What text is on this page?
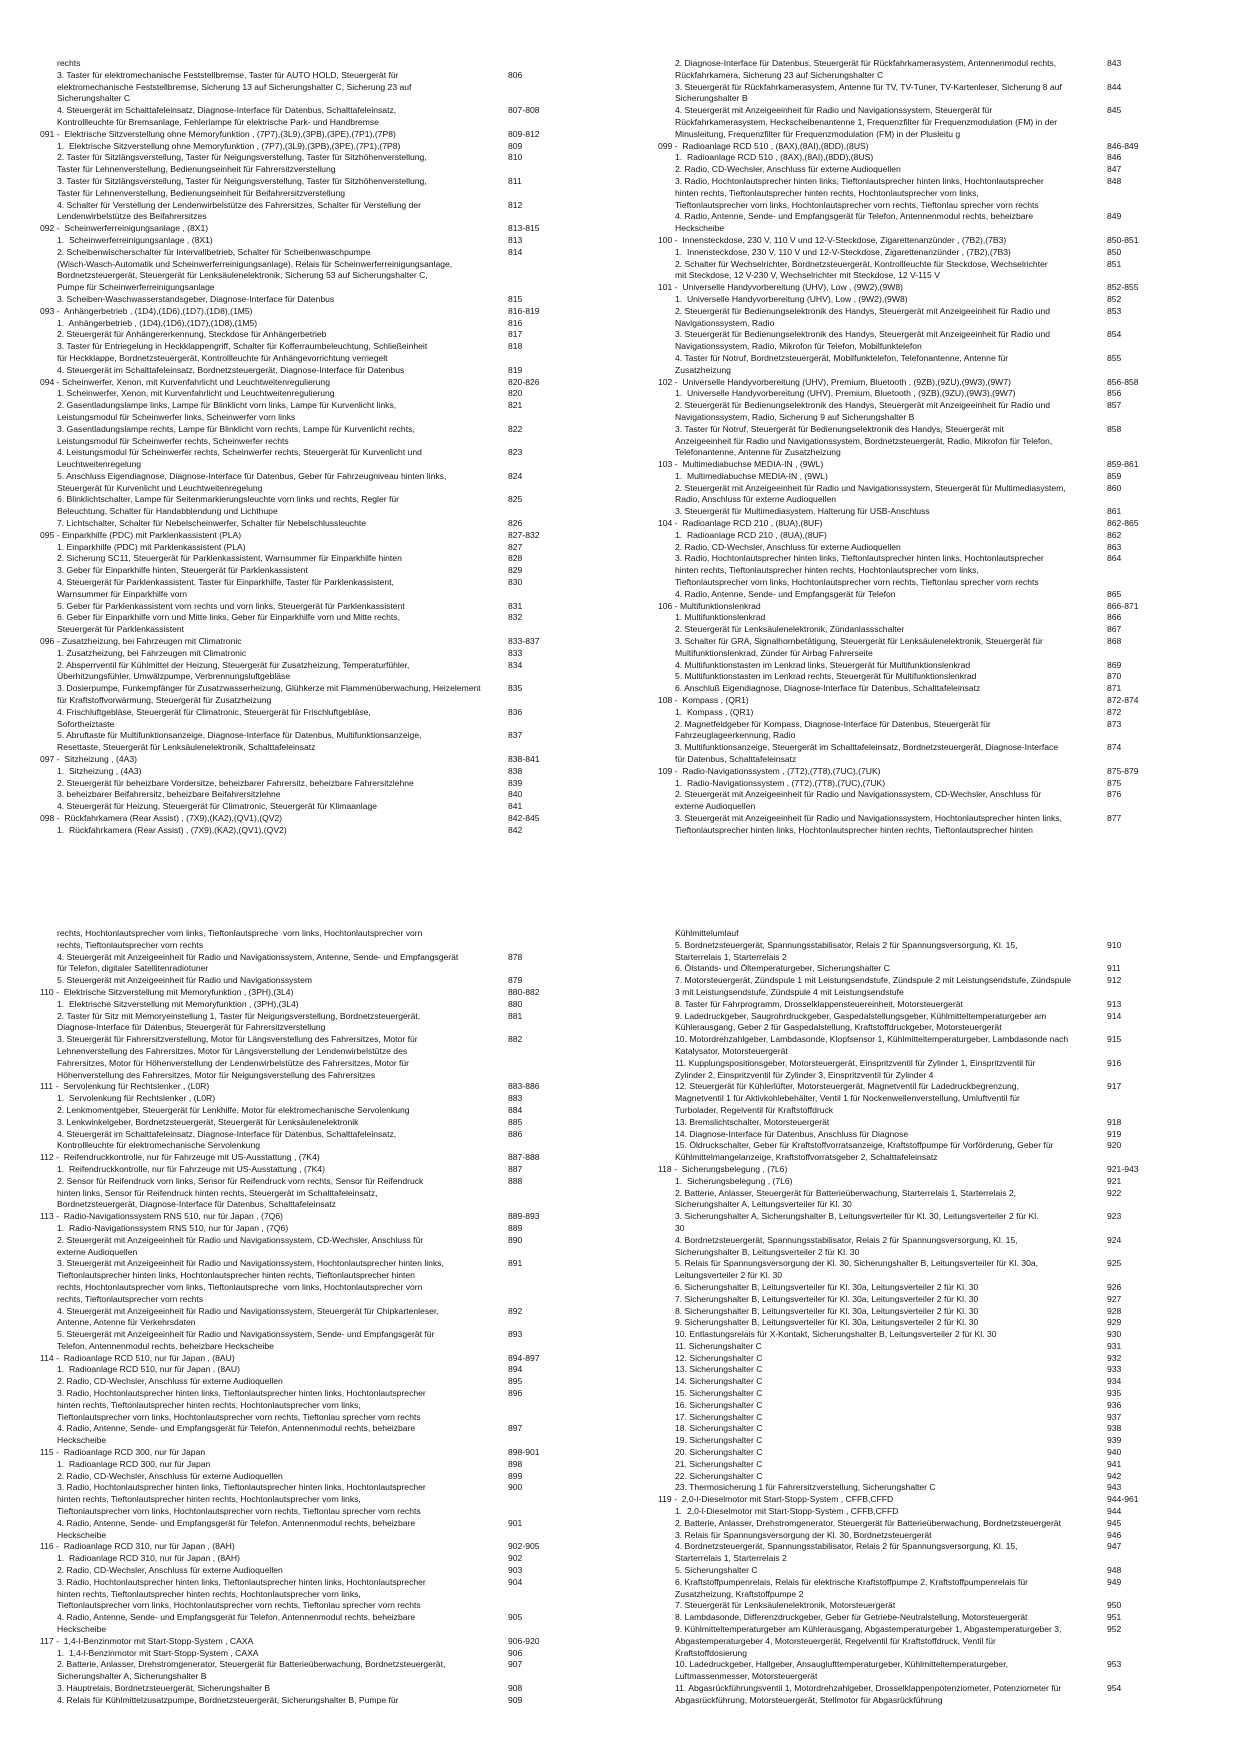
rechts
3. Taster für elektromechanische Feststellbremse, Taster für AUTO HOLD, Steuergerät für	806
elektromechanische Feststellbremse, Sicherung 13 auf Sicherungshalter C, Sicherung 23 auf
Sicherungshalter C
4. Steuergerät im Schalttafeleinsatz, Diagnose-Interface für Datenbus, Schalttafeleinsatz,	807-808
Kontrollleuchte für Bremsanlage, Fehlerlampe für elektrische Park- und Handbremse
091 -  Elektrische Sitzverstellung ohne Memoryfunktion , (7P7),(3L9),(3PB),(3PE),(7P1),(7P8)	809-812
1.  Elektrische Sitzverstellung ohne Memoryfunktion , (7P7),(3L9),(3PB),(3PE),(7P1),(7P8)	809
2. Taster für Sitzlängsverstellung, Taster für Neigungsverstellung, Taster für Sitzhöhenverstellung,	810
Taster für Lehnenverstellung, Bedienungseinheit für Fahrersitzverstellung
3. Taster für Sitzlängsverstellung, Taster für Neigungsverstellung, Taster für Sitzhöhenverstellung,	811
Taster für Lehnenverstellung, Bedienungseinheit für Beifahrersitzverstellung
4. Schalter für Verstellung der Lendenwirbelstütze des Fahrersitzes, Schalter für Verstellung der	812
Lendenwirbelstütze des Beifahrersitzes
092 -  Scheinwerferreinigungsanlage , (8X1)	813-815
1.  Scheinwerferreinigungsanlage , (8X1)	813
2. Scheibenwischerschalter für Intervallbetrieb, Schalter für Scheibenwaschpumpe	814
(Wisch-Wasch-Automatik und Scheinwerferreinigungsanlage), Relais für Scheinwerferreinigungsanlage,
Bordnetzsteuergerät, Steuergerät für Lenksäulenelektronik, Sicherung 53 auf Sicherungshalter C,
Pumpe für Scheinwerferreinigungsanlage
3. Scheiben-Waschwasserstandsgeber, Diagnose-Interface für Datenbus	815
093 -  Anhängerbetrieb , (1D4),(1D6),(1D7),(1D8),(1M5)	816-819
1.  Anhängerbetrieb , (1D4),(1D6),(1D7),(1D8),(1M5)	816
2. Steuergerät für Anhängererkennung, Steckdose für Anhängerbetrieb	817
3. Taster für Entriegelung in Heckklappengriff, Schalter für Kofferraumbeleuchtung, Schließeinheit	818
für Heckklappe, Bordnetzsteuergerät, Kontrollleuchte für Anhängevorrichtung verriegelt
4. Steuergerät im Schalttafeleinsatz, Bordnetzsteuergerät, Diagnose-Interface für Datenbus	819
094 - Scheinwerfer, Xenon, mit Kurvenfahrlicht und Leuchtweitenregulierung	820-826
1. Scheinwerfer, Xenon, mit Kurvenfahrlicht und Leuchtweitenregulierung	820
2. Gasentladungslampe links, Lampe für Blinklicht vorn links, Lampe für Kurvenlicht links,	821
Leistungsmodul für Scheinwerfer links, Scheinwerfer vorn links
3. Gasentladungslampe rechts, Lampe für Blinklicht vorn rechts, Lampe für Kurvenlicht rechts,	822
Leistungsmodul für Scheinwerfer rechts, Scheinwerfer rechts
4. Leistungsmodul für Scheinwerfer rechts, Scheinwerfer rechts, Steuergerät für Kurvenlicht und	823
Leuchtweitenregelung
5. Anschluss Eigendiagnose, Diagnose-Interface für Datenbus, Geber für Fahrzeugniveau hinten links,	824
Steuergerät für Kurvenlicht und Leuchtweitenregelung
6. Blinklichtschalter, Lampe für Seitenmarkierungsleuchte vorn links und rechts, Regler für	825
Beleuchtung, Schalter für Handabblendung und Lichthupe
7. Lichtschalter, Schalter für Nebelscheinwerfer, Schalter für Nebelschlussleuchte	826
095 - Einparkhilfe (PDC) mit Parklenkassistent (PLA)	827-832
1. Einparkhilfe (PDC) mit Parklenkassistent (PLA)	827
2. Sicherung SC11, Steuergerät für Parklenkassistent, Warnsummer für Einparkhilfe hinten	828
3. Geber für Einparkhilfe hinten, Steuergerät für Parklenkassistent	829
4. Steuergerät für Parklenkassistent, Taster für Einparkhilfe, Taster für Parklenkassistent,	830
Warnsummer für Einparkhilfe vorn
5. Geber für Parklenkassistent vorn rechts und vorn links, Steuergerät für Parklenkassistent	831
6. Geber für Einparkhilfe vorn und Mitte links, Geber für Einparkhilfe vorn und Mitte rechts,	832
Steuergerät für Parklenkassistent
096 - Zusatzheizung, bei Fahrzeugen mit Climatronic	833-837
1. Zusatzheizung, bei Fahrzeugen mit Climatronic	833
2. Absperrventil für Kühlmittel der Heizung, Steuergerät für Zusatzheizung, Temperaturfühler,	834
Überhitzungsfühler, Umwälzpumpe, Verbrennungsluftgebläse
3. Dosierpumpe, Funkempfänger für Zusatzwasserheizung, Glühkerze mit Flammenüberwachung, Heizelement	835
für Kraftstoffvorwärmung, Steuergerät für Zusatzheizung
4. Frischluftgebläse, Steuergerät für Climatronic, Steuergerät für Frischluftgebläse,	836
Sofortheiztaste
5. Abruftaste für Multifunktionsanzeige, Diagnose-Interface für Datenbus, Multifunktionsanzeige,	837
Resettaste, Steuergerät für Lenksäulenelektronik, Schalttafeleinsatz
097 -  Sitzheizung , (4A3)	838-841
1.  Sitzheizung , (4A3)	838
2. Steuergerät für beheizbare Vordersitze, beheizbarer Fahrersitz, beheizbare Fahrersitzlehne	839
3. beheizbarer Beifahrersitz, beheizbare Beifahrersitzlehne	840
4. Steuergerät für Heizung, Steuergerät für Climatronic, Steuergerät für Klimaanlage	841
098 -  Rückfahrkamera (Rear Assist) , (7X9),(KA2),(QV1),(QV2)	842-845
1.  Rückfahrkamera (Rear Assist) , (7X9),(KA2),(QV1),(QV2)	842
2. Diagnose-Interface für Datenbus, Steuergerät für Rückfahrkamerasystem, Antennenmodul rechts,	843
Rückfahrkamera, Sicherung 23 auf Sicherungshalter C
3. Steuergerät für Rückfahrkamerasystem, Antenne für TV, TV-Tuner, TV-Kartenleser, Sicherung 8 auf	844
Sicherungshalter B
4. Steuergerät mit Anzeigeeinheit für Radio und Navigationssystem, Steuergerät für	845
Rückfahrkamerasystem, Heckscheibenantenne 1, Frequenzfilter für Frequenzmodulation (FM) in der
Minusleitung, Frequenzfilter für Frequenzmodulation (FM) in der Plusleitu g
099 -  Radioanlage RCD 510 , (8AX),(8AI),(8DD),(8US)	846-849
1.  Radioanlage RCD 510 , (8AX),(8AI),(8DD),(8US)	846
2. Radio, CD-Wechsler, Anschluss für externe Audioquellen	847
3. Radio, Hochtonlautsprecher hinten links, Tieftonlautsprecher hinten links, Hochtonlautsprecher	848
hinten rechts, Tieftonlautsprecher hinten rechts, Hochtonlautsprecher vorn links,
Tieftonlautsprecher vorn links, Hochtonlautsprecher vorn rechts, Tieftonlau sprecher vorn rechts
4. Radio, Antenne, Sende- und Empfangsgerät für Telefon, Antennenmodul rechts, beheizbare	849
Heckscheibe
100 -  Innensteckdose, 230 V, 110 V und 12-V-Steckdose, Zigarettenanzünder , (7B2),(7B3)	850-851
1.  Innensteckdose, 230 V, 110 V und 12-V-Steckdose, Zigarettenanzünder , (7B2),(7B3)	850
2. Schalter für Wechselrichter, Bordnetzsteuergerät, Kontrollleuchte für Steckdose, Wechselrichter	851
mit Steckdose, 12 V-230 V, Wechselrichter mit Steckdose, 12 V-115 V
101 -  Universelle Handyvorbereitung (UHV), Low , (9W2),(9W8)	852-855
1.  Universelle Handyvorbereitung (UHV), Low , (9W2),(9W8)	852
2. Steuergerät für Bedienungselektronik des Handys, Steuergerät mit Anzeigeeinheit für Radio und	853
Navigationssystem, Radio
3. Steuergerät für Bedienungselektronik des Handys, Steuergerät mit Anzeigeeinheit für Radio und	854
Navigationssystem, Radio, Mikrofon für Telefon, Mobilfunktelefon
4. Taster für Notruf, Bordnetzsteuergerät, Mobilfunktelefon, Telefonantenne, Antenne für	855
Zusatzheizung
102 -  Universelle Handyvorbereitung (UHV), Premium, Bluetooth , (9ZB),(9ZU),(9W3),(9W7)	856-858
1.  Universelle Handyvorbereitung (UHV), Premium, Bluetooth , (9ZB),(9ZU),(9W3),(9W7)	856
2. Steuergerät für Bedienungselektronik des Handys, Steuergerät mit Anzeigeeinheit für Radio und	857
Navigationssystem, Radio, Sicherung 9 auf Sicherungshalter B
3. Taster für Notruf, Steuergerät für Bedienungselektronik des Handys, Steuergerät mit	858
Anzeigeeinheit für Radio und Navigationssystem, Bordnetzsteuergerät, Radio, Mikrofon für Telefon,
Telefonantenne, Antenne für Zusatzheizung
103 -  Multimediabuchse MEDIA-IN , (9WL)	859-861
1.  Multimediabuchse MEDIA-IN , (9WL)	859
2. Steuergerät mit Anzeigeeinheit für Radio und Navigationssystem, Steuergerät für Multimediasystem,	860
Radio, Anschluss für externe Audioquellen
3. Steuergerät für Multimediasystem, Halterung für USB-Anschluss	861
104 -  Radioanlage RCD 210 , (8UA),(8UF)	862-865
1.  Radioanlage RCD 210 , (8UA),(8UF)	862
2. Radio, CD-Wechsler, Anschluss für externe Audioquellen	863
3. Radio, Hochtonlautsprecher hinten links, Tieftonlautsprecher hinten links, Hochtonlautsprecher	864
hinten rechts, Tieftonlautsprecher hinten rechts, Hochtonlautsprecher vorn links,
Tieftonlautsprecher vorn links, Hochtonlautsprecher vorn rechts, Tieftonlau sprecher vorn rechts
4. Radio, Antenne, Sende- und Empfangsgerät für Telefon	865
106 - Multifunktionslenkrad	866-871
1. Multifunktionslenkrad	866
2. Steuergerät für Lenksäulenelektronik, Zündanlassschalter	867
3. Schalter für GRA, Signalhornbetätigung, Steuergerät für Lenksäulenelektronik, Steuergerät für	868
Multifunktionslenkrad, Zünder für Airbag Fahrerseite
4. Multifunktionstasten im Lenkrad links, Steuergerät für Multifunktionslenkrad	869
5. Multifunktionstasten im Lenkrad rechts, Steuergerät für Multifunktionslenkrad	870
6. Anschluß Eigendiagnose, Diagnose-Interface für Datenbus, Schalttafeleinsatz	871
108 -  Kompass , (QR1)	872-874
1.  Kompass , (QR1)	872
2. Magnetfeldgeber für Kompass, Diagnose-Interface für Datenbus, Steuergerät für	873
Fahrzeuglageerkennung, Radio
3. Multifunktionsanzeige, Steuergerät im Schalttafeleinsatz, Bordnetzsteuergerät, Diagnose-Interface	874
für Datenbus, Schalttafeleinsatz
109 -  Radio-Navigationssystem , (7T2),(7T8),(7UC),(7UK)	875-879
1.  Radio-Navigationssystem , (7T2),(7T8),(7UC),(7UK)	875
2. Steuergerät mit Anzeigeeinheit für Radio und Navigationssystem, CD-Wechsler, Anschluss für	876
externe Audioquellen
3. Steuergerät mit Anzeigeeinheit für Radio und Navigationssystem, Hochtonlautsprecher hinten links,	877
Tieftonlautsprecher hinten links, Hochtonlautsprecher hinten rechts, Tieftonlautsprecher hinten
rechts, Hochtonlautsprecher vorn links, Tieftonlautspreche  vorn links, Hochtonlautsprecher vorn
rechts, Tieftonlautsprecher vorn rechts
4. Steuergerät mit Anzeigeeinheit für Radio und Navigationssystem, Antenne, Sende- und Empfangsgerät	878
für Telefon, digitaler Satellitenradiotuner
5. Steuergerät mit Anzeigeeinheit für Radio und Navigationssystem	879
110 -  Elektrische Sitzverstellung mit Memoryfunktion , (3PH),(3L4)	880-882
1.  Elektrische Sitzverstellung mit Memoryfunktion , (3PH),(3L4)	880
2. Taster für Sitz mit Memoryeinstellung 1, Taster für Neigungsverstellung, Bordnetzsteuergerät,	881
Diagnose-Interface für Datenbus, Steuergerät für Fahrersitzverstellung
3. Steuergerät für Fahrersitzverstellung, Motor für Längsverstellung des Fahrersitzes, Motor für	882
Lehnenverstellung des Fahrersitzes, Motor für Längsverstellung der Lendenwirbelstütze des
Fahrersitzes, Motor für Höhenverstellung der Lendenwirbelstütze des Fahrersitzes, Motor für
Höhenverstellung des Fahrersitzes, Motor für Neigungsverstellung des Fahrersitzes
111 -  Servolenkung für Rechtslenker , (L0R)	883-886
1.  Servolenkung für Rechtslenker , (L0R)	883
2. Lenkmomentgeber, Steuergerät für Lenkhilfe, Motor für elektromechanische Servolenkung	884
3. Lenkwinkelgeber, Bordnetzsteuergerät, Steuergerät für Lenksäulenelektronik	885
4. Steuergerät im Schalttafeleinsatz, Diagnose-Interface für Datenbus, Schalttafeleinsatz,	886
Kontrollleuchte für elektromechanische Servolenkung
112 -  Reifendruckkontrolle, nur für Fahrzeuge mit US-Ausstattung , (7K4)	887-888
1.  Reifendruckkontrolle, nur für Fahrzeuge mit US-Ausstattung , (7K4)	887
2. Sensor für Reifendruck vorn links, Sensor für Reifendruck vorn rechts, Sensor für Reifendruck	888
hinten links, Sensor für Reifendruck hinten rechts, Steuergerät im Schalttafeleinsatz,
Bordnetzsteuergerät, Diagnose-Interface für Datenbus, Schalttafeleinsatz
113 -  Radio-Navigationssystem RNS 510, nur für Japan , (7Q6)	889-893
1.  Radio-Navigationssystem RNS 510, nur für Japan , (7Q6)	889
2. Steuergerät mit Anzeigeeinheit für Radio und Navigationssystem, CD-Wechsler, Anschluss für	890
externe Audioquellen
3. Steuergerät mit Anzeigeeinheit für Radio und Navigationssystem, Hochtonlautsprecher hinten links,	891
Tieftonlautsprecher hinten links, Hochtonlautsprecher hinten rechts, Tieftonlautsprecher hinten
rechts, Hochtonlautsprecher vorn links, Tieftonlautspreche  vorn links, Hochtonlautsprecher vorn
rechts, Tieftonlautsprecher vorn rechts
4. Steuergerät mit Anzeigeeinheit für Radio und Navigationssystem, Steuergerät für Chipkartenleser,	892
Antenne, Antenne für Verkehrsdaten
5. Steuergerät mit Anzeigeeinheit für Radio und Navigationssystem, Sende- und Empfangsgerät für	893
Telefon, Antennenmodul rechts, beheizbare Heckscheibe
114 -  Radioanlage RCD 510, nur für Japan , (8AU)	894-897
1.  Radioanlage RCD 510, nur für Japan , (8AU)	894
2. Radio, CD-Wechsler, Anschluss für externe Audioquellen	895
3. Radio, Hochtonlautsprecher hinten links, Tieftonlautsprecher hinten links, Hochtonlautsprecher	896
hinten rechts, Tieftonlautsprecher hinten rechts, Hochtonlautsprecher vorn links,
Tieftonlautsprecher vorn links, Hochtonlautsprecher vorn rechts, Tieftonlau sprecher vorn rechts
4. Radio, Antenne, Sende- und Empfangsgerät für Telefon, Antennenmodul rechts, beheizbare	897
Heckscheibe
115 -  Radioanlage RCD 300, nur für Japan	898-901
1.  Radioanlage RCD 300, nur für Japan	898
2. Radio, CD-Wechsler, Anschluss für externe Audioquellen	899
3. Radio, Hochtonlautsprecher hinten links, Tieftonlautsprecher hinten links, Hochtonlautsprecher	900
hinten rechts, Tieftonlautsprecher hinten rechts, Hochtonlautsprecher vorn links,
Tieftonlautsprecher vorn links, Hochtonlautsprecher vorn rechts, Tieftonlau sprecher vorn rechts
4. Radio, Antenne, Sende- und Empfangsgerät für Telefon, Antennenmodul rechts, beheizbare	901
Heckscheibe
116 -  Radioanlage RCD 310, nur für Japan , (8AH)	902-905
1.  Radioanlage RCD 310, nur für Japan , (8AH)	902
2. Radio, CD-Wechsler, Anschluss für externe Audioquellen	903
3. Radio, Hochtonlautsprecher hinten links, Tieftonlautsprecher hinten links, Hochtonlautsprecher	904
hinten rechts, Tieftonlautsprecher hinten rechts, Hochtonlautsprecher vorn links,
Tieftonlautsprecher vorn links, Hochtonlautsprecher vorn rechts, Tieftonlau sprecher vorn rechts
4. Radio, Antenne, Sende- und Empfangsgerät für Telefon, Antennenmodul rechts, beheizbare	905
Heckscheibe
117 -  1,4-l-Benzinmotor mit Start-Stopp-System , CAXA	906-920
1.  1,4-l-Benzinmotor mit Start-Stopp-System , CAXA	906
2. Batterie, Anlasser, Drehstromgenerator, Steuergerät für Batterieüberwachung, Bordnetzsteuergerät,	907
Sicherungshalter A, Sicherungshalter B
3. Hauptrelais, Bordnetzsteuergerät, Sicherungshalter B	908
4. Relais für Kühlmittelzusatzpumpe, Bordnetzsteuergerät, Sicherungshalter B, Pumpe für	909
Kühlmittelumlauf
5. Bordnetzsteuergerät, Spannungsstabilisator, Relais 2 für Spannungsversorgung, Kl. 15,	910
Starterrelais 1, Starterrelais 2
6. Ölstands- und Öltemperaturgeber, Sicherungshalter C	911
7. Motorsteuergerät, Zündspule 1 mit Leistungsendstufe, Zündspule 2 mit Leistungsendstufe, Zündspule	912
3 mit Leistungsendstufe, Zündspule 4 mit Leistungsendstufe
8. Taster für Fahrprogramm, Drosselklappensteuereinheit, Motorsteuergerät	913
9. Ladedruckgeber, Saugrohrdruckgeber, Gaspedalstellungsgeber, Kühlmitteltemperaturgeber am	914
Kühlerausgang, Geber 2 für Gaspedalstellung, Kraftstoffdruckgeber, Motorsteuergerät
10. Motordrehzahlgeber, Lambdasonde, Klopfsensor 1, Kühlmitteltemperaturgeber, Lambdasonde nach	915
Katalysator, Motorsteuergerät
11. Kupplungspositionsgeber, Motorsteuergerät, Einspritzventil für Zylinder 1, Einspritzventil für	916
Zylinder 2, Einspritzventil für Zylinder 3, Einspritzventil für Zylinder 4
12. Steuergerät für Kühlerlüfter, Motorsteuergerät, Magnetventil für Ladedruckbegrenzung,	917
Magnetventil 1 für Aktivkohlebehälter, Ventil 1 für Nockenwellenverstellung, Umluftventil für
Turbolader, Regelventil für Kraftstoffdruck
13. Bremslichtschalter, Motorsteuergerät	918
14. Diagnose-Interface für Datenbus, Anschluss für Diagnose	919
15. Öldruckschalter, Geber für Kraftstoffvorratsanzeige, Kraftstoffpumpe für Vorförderung, Geber für	920
Kühlmittelmangelanzeige, Kraftstoffvorratsgeber 2, Schalttafeleinsatz
118 -  Sicherungsbelegung , (7L6)	921-943
1.  Sicherungsbelegung , (7L6)	921
2. Batterie, Anlasser, Steuergerät für Batterieüberwachung, Starterrelais 1, Starterrelais 2,	922
Sicherungshalter A, Leitungsverteiler für Kl. 30
3. Sicherungshalter A, Sicherungshalter B, Leitungsverteiler für Kl. 30, Leitungsverteiler 2 für Kl.	923
30
4. Bordnetzsteuergerät, Spannungsstabilisator, Relais 2 für Spannungsversorgung, Kl. 15,	924
Sicherungshalter B, Leitungsverteiler 2 für Kl. 30
5. Relais für Spannungsversorgung der Kl. 30, Sicherungshalter B, Leitungsverteiler für Kl. 30a,	925
Leitungsverteiler 2 für Kl. 30
6. Sicherungshalter B, Leitungsverteiler für Kl. 30a, Leitungsverteiler 2 für Kl. 30	926
7. Sicherungshalter B, Leitungsverteiler für Kl. 30a, Leitungsverteiler 2 für Kl. 30	927
8. Sicherungshalter B, Leitungsverteiler für Kl. 30a, Leitungsverteiler 2 für Kl. 30	928
9. Sicherungshalter B, Leitungsverteiler für Kl. 30a, Leitungsverteiler 2 für Kl. 30	929
10. Entlastungsrelais für X-Kontakt, Sicherungshalter B, Leitungsverteiler 2 für Kl. 30	930
11. Sicherungshalter C	931
12. Sicherungshalter C	932
13. Sicherungshalter C	933
14. Sicherungshalter C	934
15. Sicherungshalter C	935
16. Sicherungshalter C	936
17. Sicherungshalter C	937
18. Sicherungshalter C	938
19. Sicherungshalter C	939
20. Sicherungshalter C	940
21. Sicherungshalter C	941
22. Sicherungshalter C	942
23. Thermosicherung 1 für Fahrersitzverstellung, Sicherungshalter C	943
119 -  2,0-l-Dieselmotor mit Start-Stopp-System , CFFB,CFFD	944-961
1.  2,0-l-Dieselmotor mit Start-Stopp-System , CFFB,CFFD	944
2. Batterie, Anlasser, Drehstromgenerator, Steuergerät für Batterieüberwachung, Bordnetzsteuergerät	945
3. Relais für Spannungsversorgung der Kl. 30, Bordnetzsteuergerät	946
4. Bordnetzsteuergerät, Spannungsstabilisator, Relais 2 für Spannungsversorgung, Kl. 15,	947
Starterrelais 1, Starterrelais 2
5. Sicherungshalter C	948
6. Kraftstoffpumpenrelais, Relais für elektrische Kraftstoffpumpe 2, Kraftstoffpumpenrelais für	949
Zusatzheizung, Kraftstoffpumpe 2
7. Steuergerät für Lenksäulenelektronik, Motorsteuergerät	950
8. Lambdasonde, Differenzdruckgeber, Geber für Getriebe-Neutralstellung, Motorsteuergerät	951
9. Kühlmitteltemperaturgeber am Kühlerausgang, Abgastemperaturgeber 1, Abgastemperaturgeber 3,	952
Abgastemperaturgeber 4, Motorsteuergerät, Regelventil für Kraftstoffdruck, Ventil für
Kraftstoffdosierung
10. Ladedruckgeber, Hallgeber, Ansauglufttemperaturgeber, Kühlmitteltemperaturgeber,	953
Luftmassenmesser, Motorsteuergerät
11. Abgasrückführungsventil 1, Motordrehzahlgeber, Drosselklappenpotenziometer, Potenziometer für	954
Abgasrückführung, Motorsteuergerät, Stellmotor für Abgasrückführung
